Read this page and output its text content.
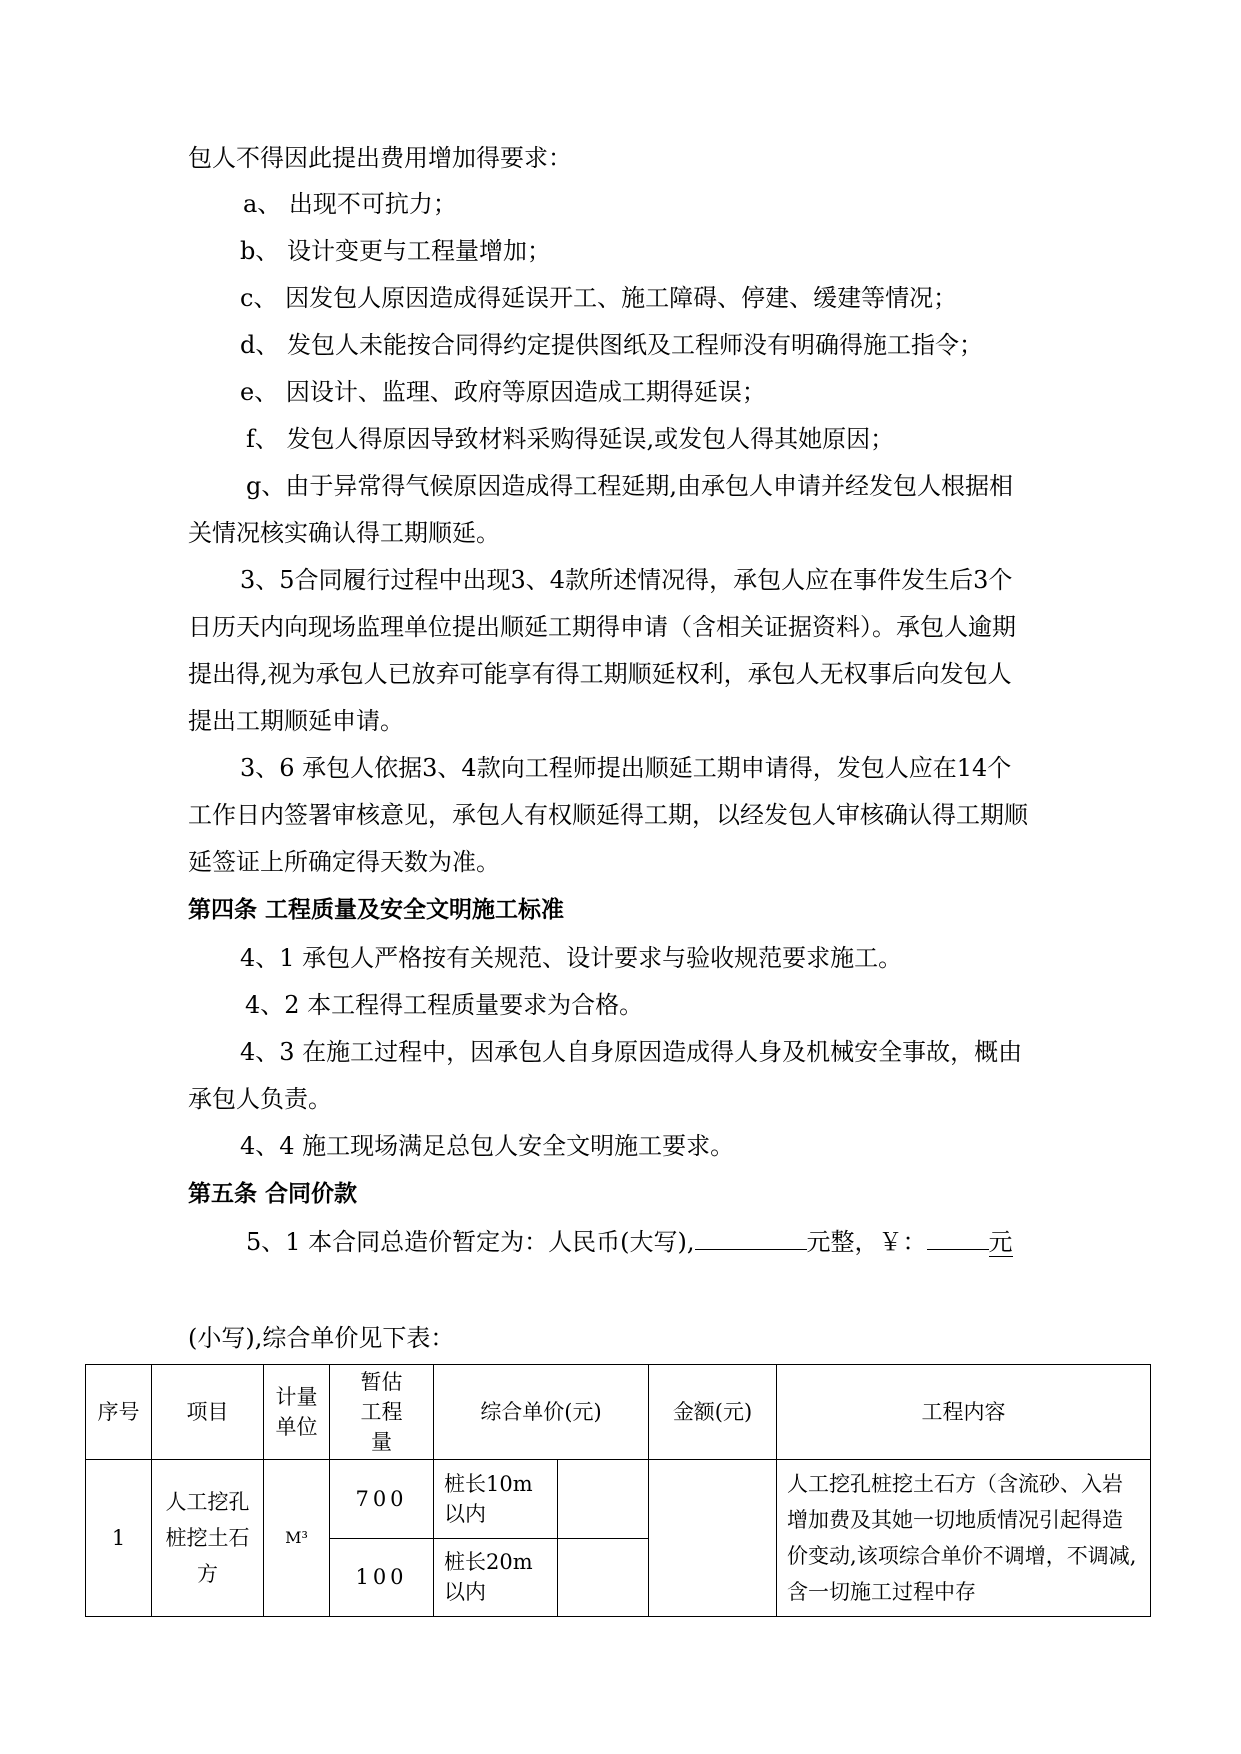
包人不得因此提出费用增加得要求：
a、 出现不可抗力；
b、 设计变更与工程量增加；
c、 因发包人原因造成得延误开工、施工障碍、停建、缓建等情况；
d、 发包人未能按合同得约定提供图纸及工程师没有明确得施工指令；
e、 因设计、监理、政府等原因造成工期得延误；
f、 发包人得原因导致材料采购得延误,或发包人得其她原因；
g、由于异常得气候原因造成得工程延期,由承包人申请并经发包人根据相
关情况核实确认得工期顺延。
3、5合同履行过程中出现3、4款所述情况得，承包人应在事件发生后3个
日历天内向现场监理单位提出顺延工期得申请（含相关证据资料）。承包人逾期
提出得,视为承包人已放弃可能享有得工期顺延权利，承包人无权事后向发包人
提出工期顺延申请。
3、6 承包人依据3、4款向工程师提出顺延工期申请得，发包人应在14个
工作日内签署审核意见，承包人有权顺延得工期，以经发包人审核确认得工期顺
延签证上所确定得天数为准。
第四条 工程质量及安全文明施工标准
4、1 承包人严格按有关规范、设计要求与验收规范要求施工。
4、2 本工程得工程质量要求为合格。
4、3 在施工过程中，因承包人自身原因造成得人身及机械安全事故，概由
承包人负责。
4、4 施工现场满足总包人安全文明施工要求。
第五条 合同价款
5、1 本合同总造价暂定为：人民币(大写),	元整，￥：	元
(小写),综合单价见下表：
序号	项目	计量单位	暂估工程量	综合单价(元)		金额(元)	工程内容
1	人工挖孔桩挖土石方	M³	700	桩长10m以内			人工挖孔桩挖土石方（含流砂、入岩增加费及其她一切地质情况引起得造价变动,该项综合单价不调增，不调减,含一切施工过程中存
			100	桩长20m以内			
